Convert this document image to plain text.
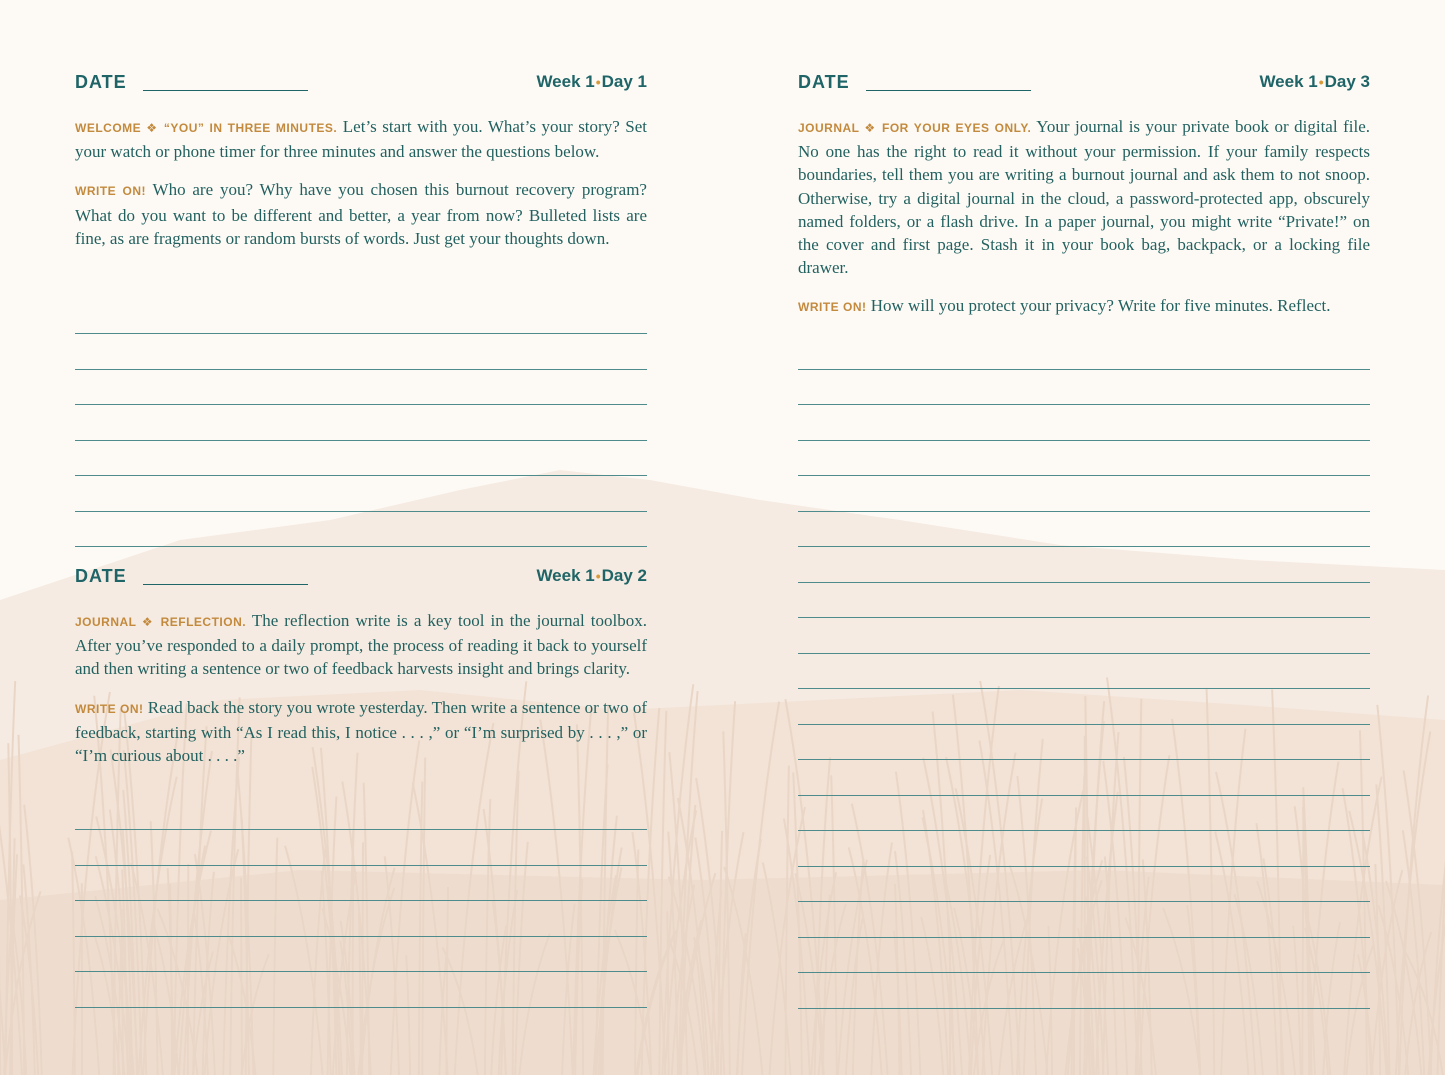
DATE	Week 1•Day 1

WELCOME ❖ “YOU” IN THREE MINUTES. Let’s start with you. What’s your story? Set your watch or phone timer for three minutes and answer the questions below.

WRITE ON! Who are you? Why have you chosen this burnout recovery program? What do you want to be different and better, a year from now? Bulleted lists are fine, as are fragments or random bursts of words. Just get your thoughts down.

DATE	Week 1•Day 2

JOURNAL ❖ REFLECTION. The reflection write is a key tool in the journal toolbox. After you’ve responded to a daily prompt, the process of reading it back to yourself and then writing a sentence or two of feedback harvests insight and brings clarity.

WRITE ON! Read back the story you wrote yesterday. Then write a sentence or two of feedback, starting with “As I read this, I notice . . . ,” or “I’m surprised by . . . ,” or “I’m curious about . . . .”

DATE	Week 1•Day 3

JOURNAL ❖ FOR YOUR EYES ONLY. Your journal is your private book or digital file. No one has the right to read it without your permission. If your family respects boundaries, tell them you are writing a burnout journal and ask them to not snoop. Otherwise, try a digital journal in the cloud, a password-protected app, obscurely named folders, or a flash drive. In a paper journal, you might write “Private!” on the cover and first page. Stash it in your book bag, backpack, or a locking file drawer.

WRITE ON! How will you protect your privacy? Write for five minutes. Reflect.
